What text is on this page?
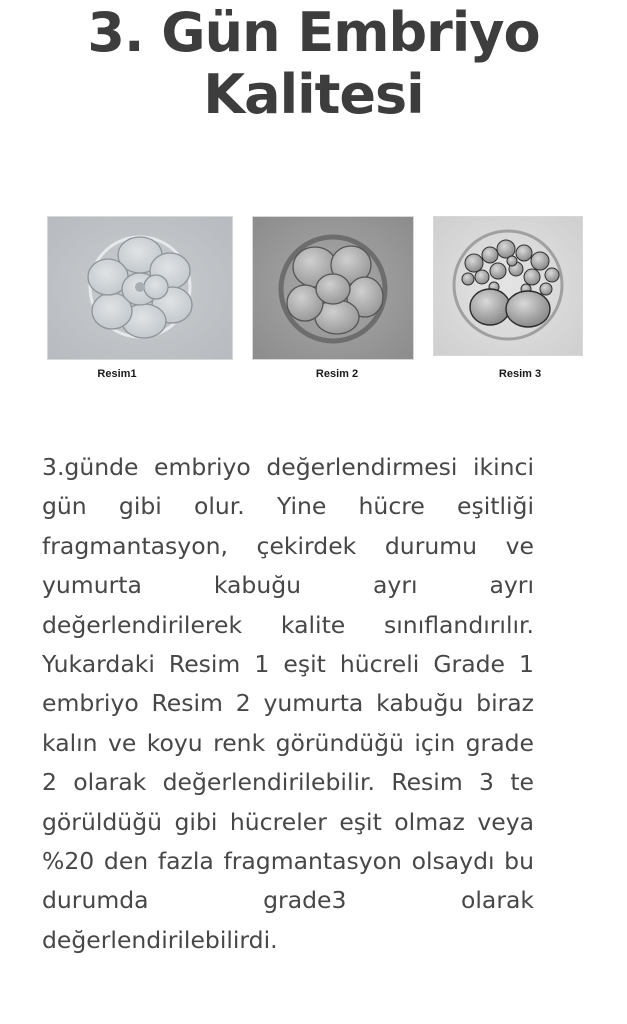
3. Gün Embriyo
Kalitesi
Resim1	Resim 2	Resim 3

3.günde embriyo değerlendirmesi ikinci gün gibi olur. Yine hücre eşitliği fragmantasyon, çekirdek durumu ve yumurta kabuğu ayrı ayrı değerlendirilerek kalite sınıflandırılır. Yukardaki Resim 1 eşit hücreli Grade 1 embriyo Resim 2 yumurta kabuğu biraz kalın ve koyu renk göründüğü için grade 2 olarak değerlendirilebilir. Resim 3 te görüldüğü gibi hücreler eşit olmaz veya %20 den fazla fragmantasyon olsaydı bu durumda grade3 olarak değerlendirilebilirdi.
